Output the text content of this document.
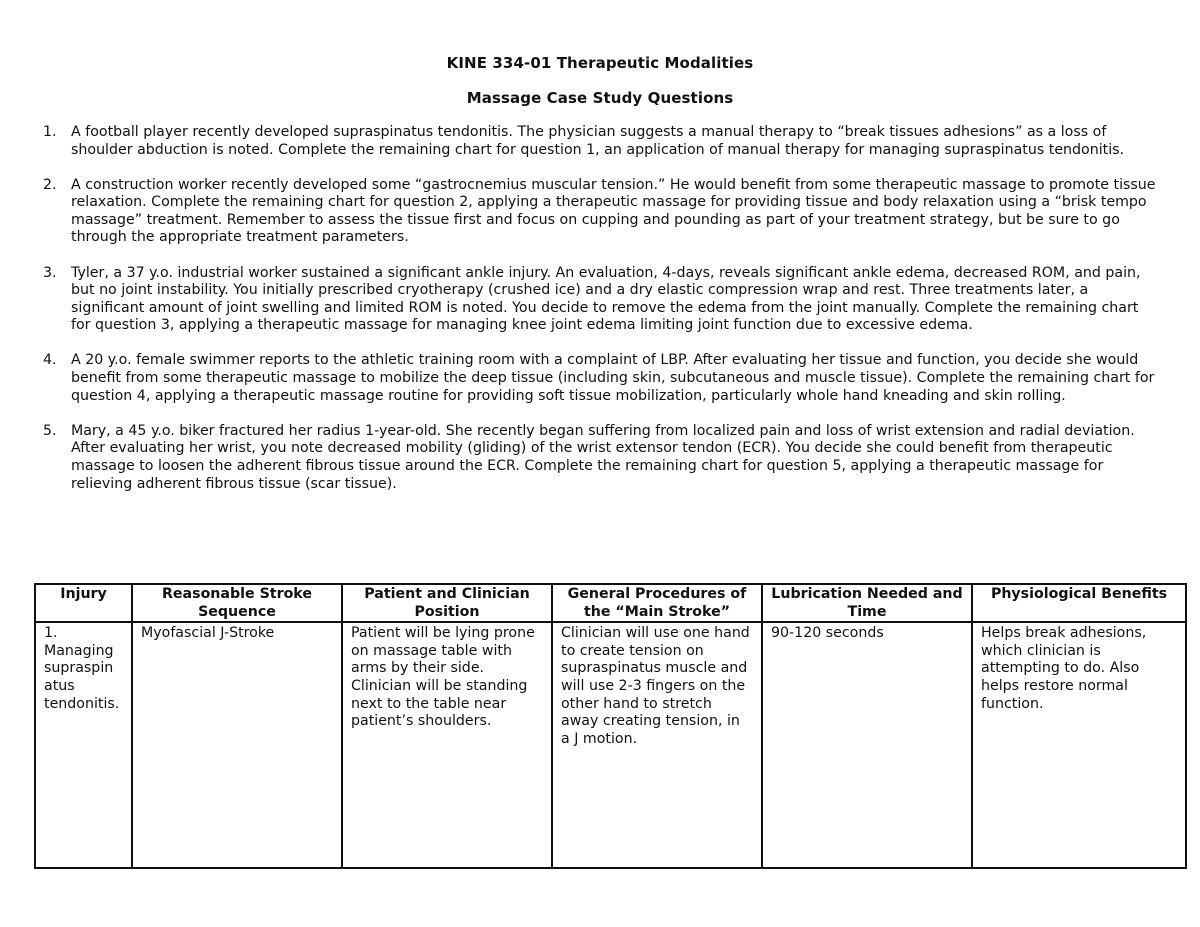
KINE 334-01 Therapeutic Modalities
Massage Case Study Questions
1. A football player recently developed supraspinatus tendonitis. The physician suggests a manual therapy to “break tissues adhesions” as a loss of shoulder abduction is noted. Complete the remaining chart for question 1, an application of manual therapy for managing supraspinatus tendonitis.
2. A construction worker recently developed some “gastrocnemius muscular tension.” He would benefit from some therapeutic massage to promote tissue relaxation. Complete the remaining chart for question 2, applying a therapeutic massage for providing tissue and body relaxation using a “brisk tempo massage” treatment. Remember to assess the tissue first and focus on cupping and pounding as part of your treatment strategy, but be sure to go through the appropriate treatment parameters.
3. Tyler, a 37 y.o. industrial worker sustained a significant ankle injury. An evaluation, 4-days, reveals significant ankle edema, decreased ROM, and pain, but no joint instability. You initially prescribed cryotherapy (crushed ice) and a dry elastic compression wrap and rest. Three treatments later, a significant amount of joint swelling and limited ROM is noted. You decide to remove the edema from the joint manually. Complete the remaining chart for question 3, applying a therapeutic massage for managing knee joint edema limiting joint function due to excessive edema.
4. A 20 y.o. female swimmer reports to the athletic training room with a complaint of LBP. After evaluating her tissue and function, you decide she would benefit from some therapeutic massage to mobilize the deep tissue (including skin, subcutaneous and muscle tissue). Complete the remaining chart for question 4, applying a therapeutic massage routine for providing soft tissue mobilization, particularly whole hand kneading and skin rolling.
5. Mary, a 45 y.o. biker fractured her radius 1-year-old. She recently began suffering from localized pain and loss of wrist extension and radial deviation. After evaluating her wrist, you note decreased mobility (gliding) of the wrist extensor tendon (ECR). You decide she could benefit from therapeutic massage to loosen the adherent fibrous tissue around the ECR. Complete the remaining chart for question 5, applying a therapeutic massage for relieving adherent fibrous tissue (scar tissue).
Injury	Reasonable Stroke Sequence	Patient and Clinician Position	General Procedures of the “Main Stroke”	Lubrication Needed and Time	Physiological Benefits
1. Managing supraspin atus tendonitis.	Myofascial J-Stroke	Patient will be lying prone on massage table with arms by their side. Clinician will be standing next to the table near patient’s shoulders.	Clinician will use one hand to create tension on supraspinatus muscle and will use 2-3 fingers on the other hand to stretch away creating tension, in a J motion.	90-120 seconds	Helps break adhesions, which clinician is attempting to do. Also helps restore normal function.
